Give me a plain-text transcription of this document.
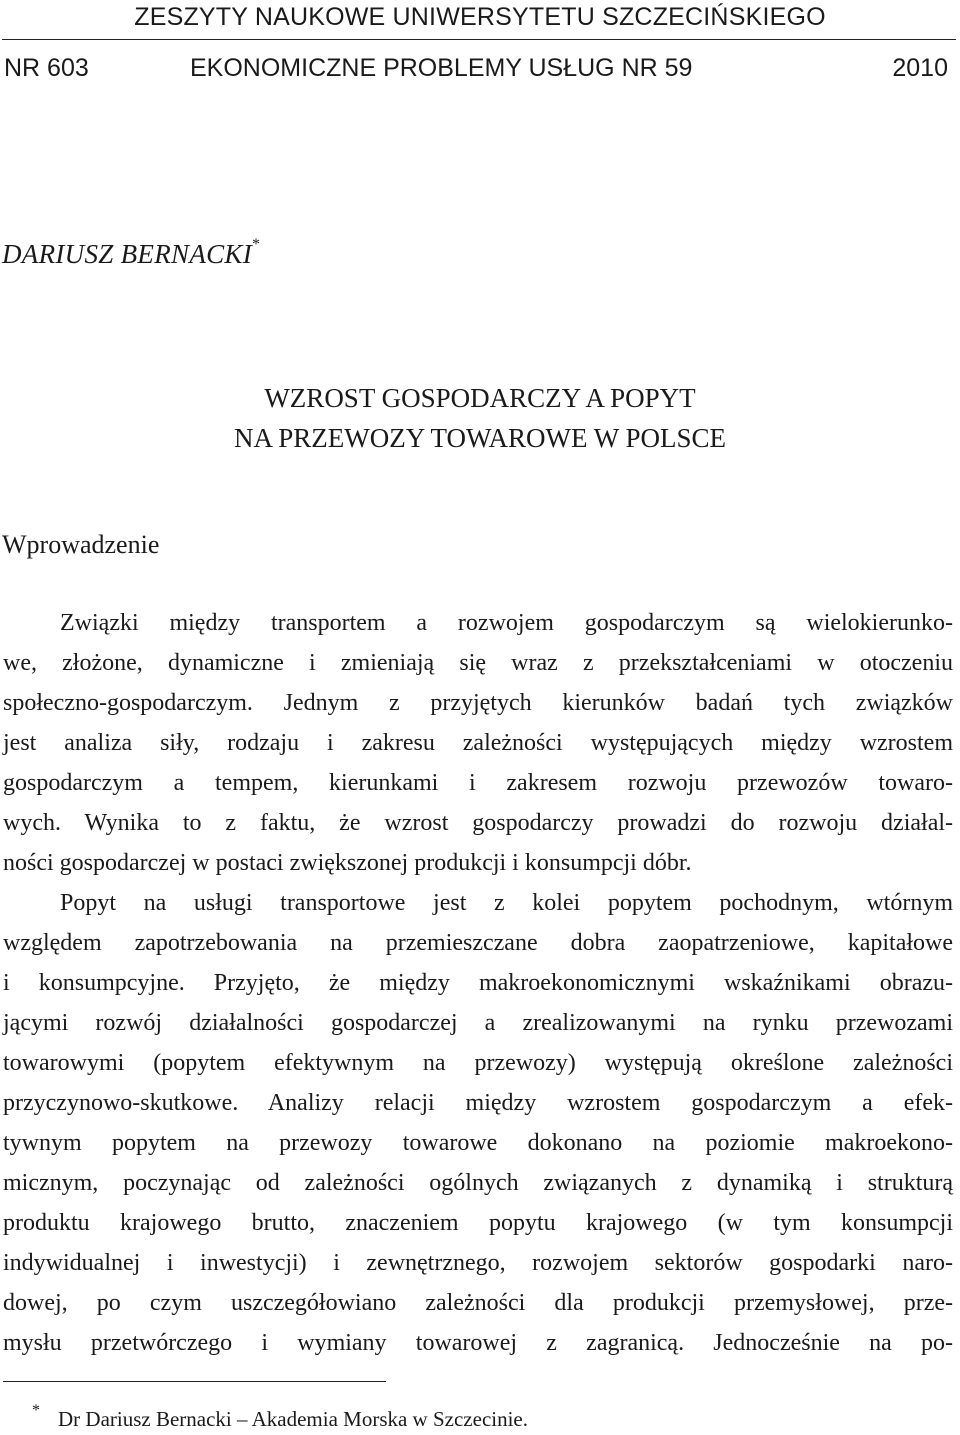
ZESZYTY NAUKOWE UNIWERSYTETU SZCZECIŃSKIEGO
NR 603	EKONOMICZNE PROBLEMY USŁUG NR 59	2010
DARIUSZ BERNACKI*
WZROST GOSPODARCZY A POPYT
NA PRZEWOZY TOWAROWE W POLSCE
Wprowadzenie
Związki między transportem a rozwojem gospodarczym są wielokierunko-
we, złożone, dynamiczne i zmieniają się wraz z przekształceniami w otoczeniu
społeczno-gospodarczym. Jednym z przyjętych kierunków badań tych związków
jest analiza siły, rodzaju i zakresu zależności występujących między wzrostem
gospodarczym a tempem, kierunkami i zakresem rozwoju przewozów towaro-
wych. Wynika to z faktu, że wzrost gospodarczy prowadzi do rozwoju działal-
ności gospodarczej w postaci zwiększonej produkcji i konsumpcji dóbr.
Popyt na usługi transportowe jest z kolei popytem pochodnym, wtórnym
względem zapotrzebowania na przemieszczane dobra zaopatrzeniowe, kapitałowe
i konsumpcyjne. Przyjęto, że między makroekonomicznymi wskaźnikami obrazu-
jącymi rozwój działalności gospodarczej a zrealizowanymi na rynku przewozami
towarowymi (popytem efektywnym na przewozy) występują określone zależności
przyczynowo-skutkowe. Analizy relacji między wzrostem gospodarczym a efek-
tywnym popytem na przewozy towarowe dokonano na poziomie makroekono-
micznym, poczynając od zależności ogólnych związanych z dynamiką i strukturą
produktu krajowego brutto, znaczeniem popytu krajowego (w tym konsumpcji
indywidualnej i inwestycji) i zewnętrznego, rozwojem sektorów gospodarki naro-
dowej, po czym uszczegółowiano zależności dla produkcji przemysłowej, prze-
mysłu przetwórczego i wymiany towarowej z zagranicą. Jednocześnie na po-
* Dr Dariusz Bernacki – Akademia Morska w Szczecinie.
